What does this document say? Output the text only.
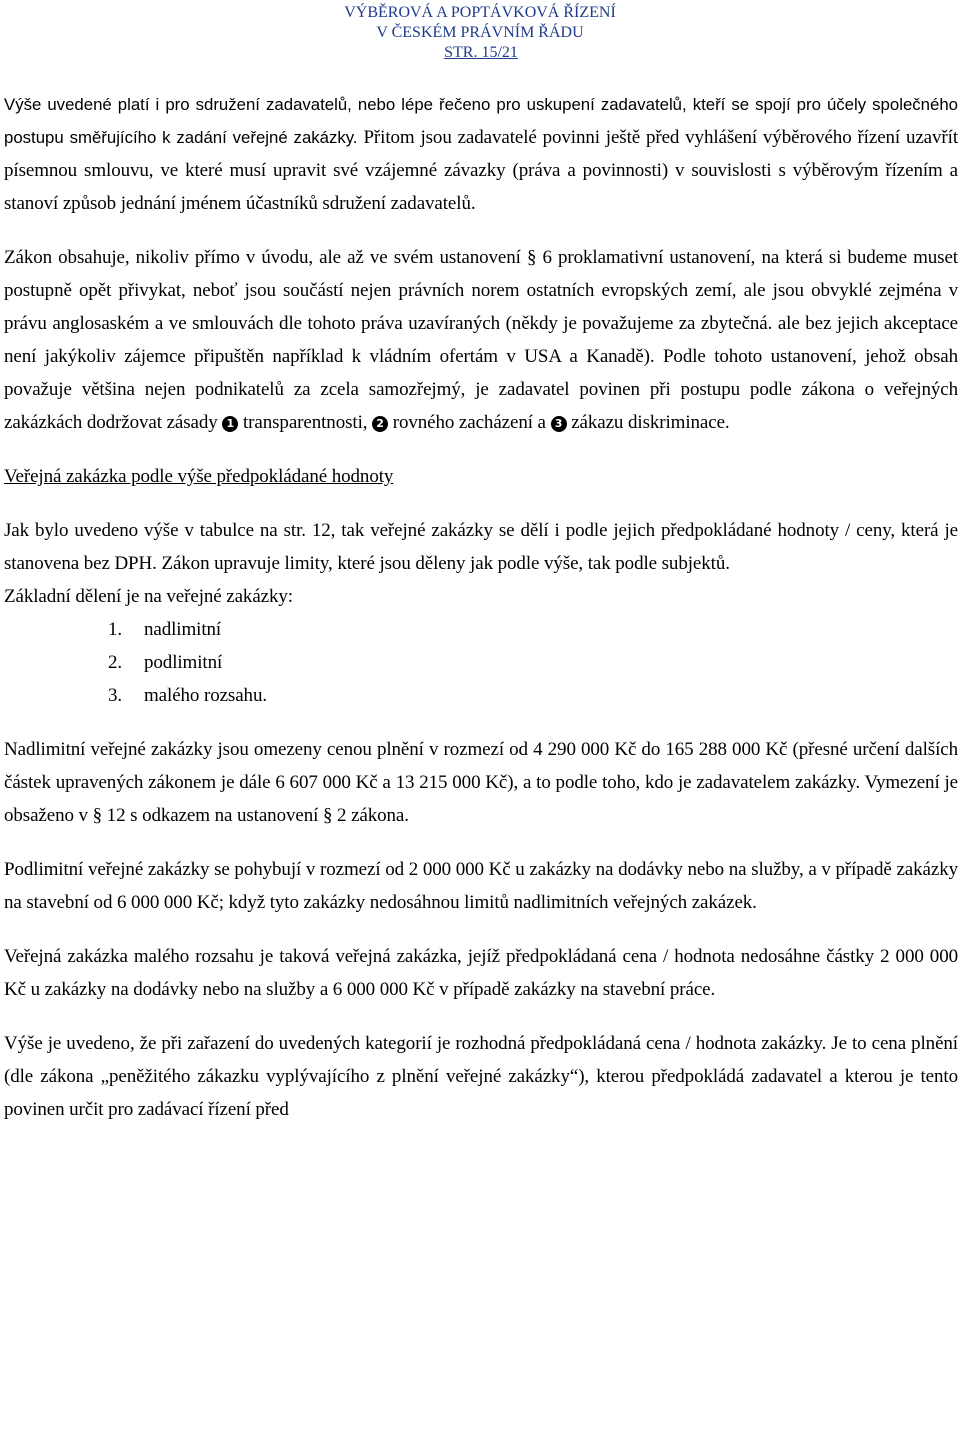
VÝBĚROVÁ A POPTÁVKOVÁ ŘÍZENÍ
V ČESKÉM PRÁVNÍM ŘÁDU
STR. 15/21

Výše uvedené platí i pro sdružení zadavatelů, nebo lépe řečeno pro uskupení zadavatelů, kteří se spojí pro účely společného postupu směřujícího k zadání veřejné zakázky. Přitom jsou zadavatelé povinni ještě před vyhlášení výběrového řízení uzavřít písemnou smlouvu, ve které musí upravit své vzájemné závazky (práva a povinnosti) v souvislosti s výběrovým řízením a stanoví způsob jednání jménem účastníků sdružení zadavatelů.

Zákon obsahuje, nikoliv přímo v úvodu, ale až ve svém ustanovení § 6 proklamativní ustanovení, na která si budeme muset postupně opět přivykat, neboť jsou součástí nejen právních norem ostatních evropských zemí, ale jsou obvyklé zejména v právu anglosaském a ve smlouvách dle tohoto práva uzavíraných (někdy je považujeme za zbytečná. ale bez jejich akceptace není jakýkoliv zájemce připuštěn například k vládním ofertám v USA a Kanadě). Podle tohoto ustanovení, jehož obsah považuje většina nejen podnikatelů za zcela samozřejmý, je zadavatel povinen při postupu podle zákona o veřejných zakázkách dodržovat zásady 1 transparentnosti, 2 rovného zacházení a 3 zákazu diskriminace.

Veřejná zakázka podle výše předpokládané hodnoty

Jak bylo uvedeno výše v tabulce na str. 12, tak veřejné zakázky se dělí i podle jejich předpokládané hodnoty / ceny, která je stanovena bez DPH. Zákon upravuje limity, které jsou děleny jak podle výše, tak podle subjektů.

Základní dělení je na veřejné zakázky:

1. nadlimitní
2. podlimitní
3. malého rozsahu.

Nadlimitní veřejné zakázky jsou omezeny cenou plnění v rozmezí od 4 290 000 Kč do 165 288 000 Kč (přesné určení dalších částek upravených zákonem je dále 6 607 000 Kč a 13 215 000 Kč), a to podle toho, kdo je zadavatelem zakázky. Vymezení je obsaženo v § 12 s odkazem na ustanovení § 2 zákona.

Podlimitní veřejné zakázky se pohybují v rozmezí od 2 000 000 Kč u zakázky na dodávky nebo na služby, a v případě zakázky na stavební od 6 000 000 Kč; když tyto zakázky nedosáhnou limitů nadlimitních veřejných zakázek.

Veřejná zakázka malého rozsahu je taková veřejná zakázka, jejíž předpokládaná cena / hodnota nedosáhne částky 2 000 000 Kč u zakázky na dodávky nebo na služby a 6 000 000 Kč v případě zakázky na stavební práce.

Výše je uvedeno, že při zařazení do uvedených kategorií je rozhodná předpokládaná cena / hodnota zakázky. Je to cena plnění (dle zákona „peněžitého zákazku vyplývajícího z plnění veřejné zakázky“), kterou předpokládá zadavatel a kterou je tento povinen určit pro zadávací řízení před
